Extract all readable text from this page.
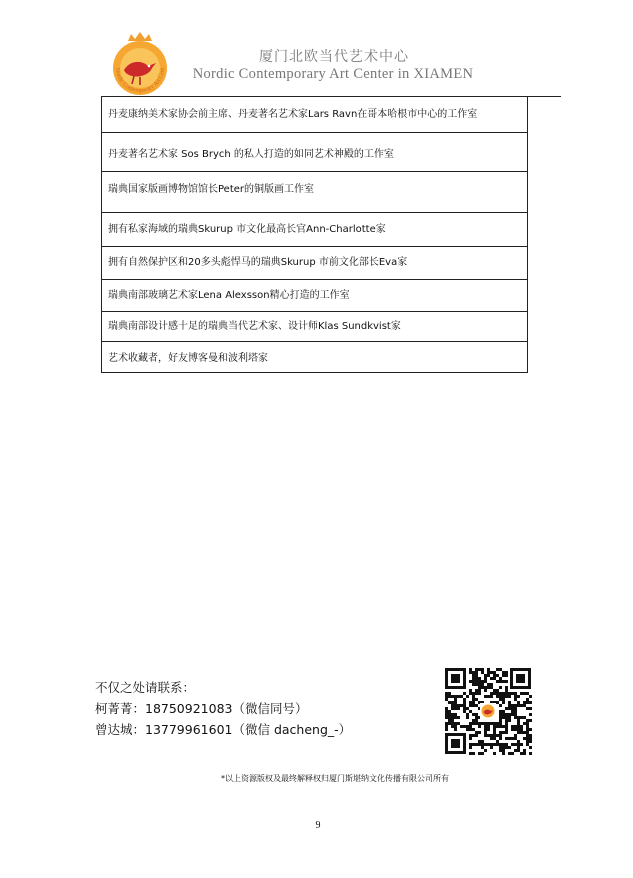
Nordic Contemporary Art Cent
厦门北欧当代艺术中心
Nordic Contemporary Art Center in XIAMEN
丹麦康纳美术家协会前主席、丹麦著名艺术家Lars Ravn在哥本哈根市中心的工作室
丹麦著名艺术家 Sos Brych 的私人打造的如同艺术神殿的工作室
瑞典国家版画博物馆馆长Peter的铜版画工作室
拥有私家海域的瑞典Skurup 市文化最高长官Ann-Charlotte家
拥有自然保护区和20多头彪悍马的瑞典Skurup 市前文化部长Eva家
瑞典南部玻璃艺术家Lena Alexsson精心打造的工作室
瑞典南部设计感十足的瑞典当代艺术家、设计师Klas Sundkvist家
艺术收藏者，好友博客曼和波利塔家
不仅之处请联系：
柯菁菁：18750921083（微信同号）
曾达城：13779961601（微信 dacheng_-）
*以上资源版权及最终解释权归厦门斯堪纳文化传播有限公司所有
9
